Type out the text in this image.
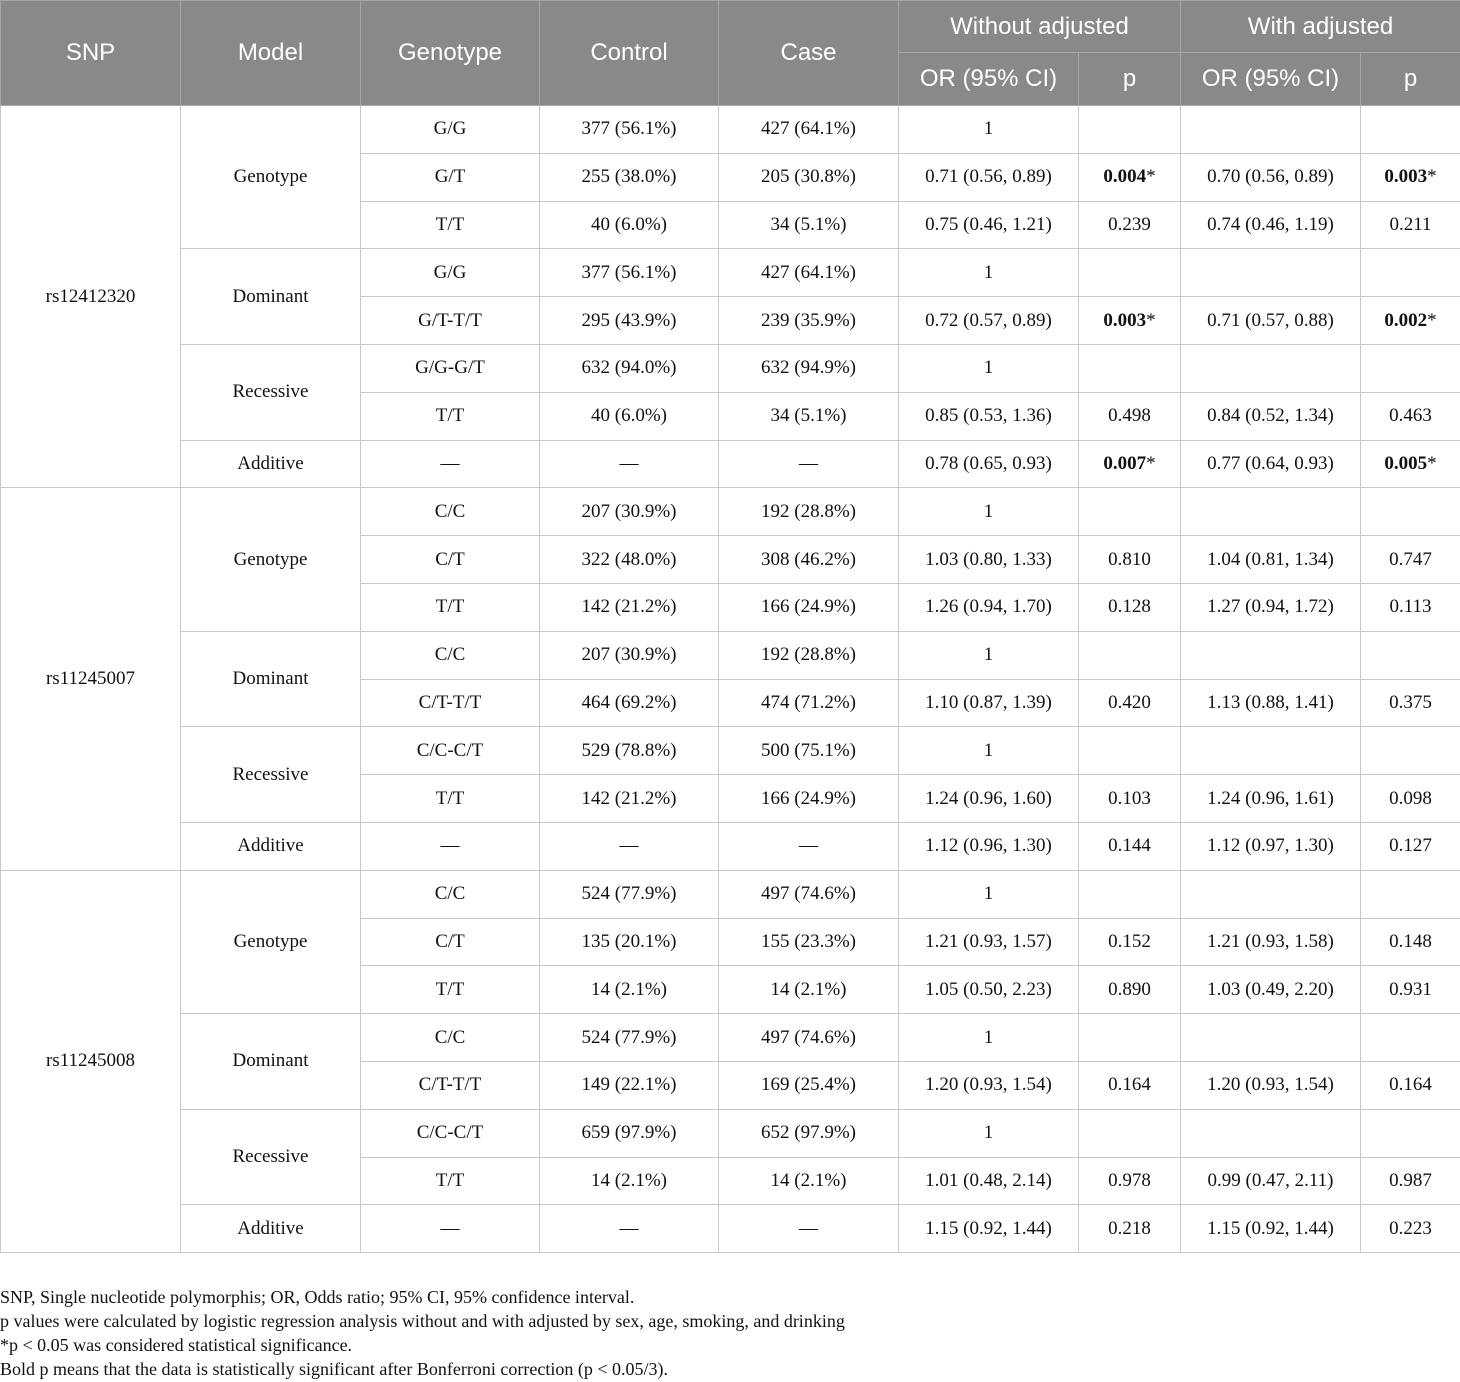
SNP	Model	Genotype	Control	Case	Without adjusted		With adjusted	
					OR (95% CI)	p	OR (95% CI)	p
rs12412320	Genotype	G/G	377 (56.1%)	427 (64.1%)	1			
		G/T	255 (38.0%)	205 (30.8%)	0.71 (0.56, 0.89)	0.004*	0.70 (0.56, 0.89)	0.003*
		T/T	40 (6.0%)	34 (5.1%)	0.75 (0.46, 1.21)	0.239	0.74 (0.46, 1.19)	0.211
	Dominant	G/G	377 (56.1%)	427 (64.1%)	1			
		G/T-T/T	295 (43.9%)	239 (35.9%)	0.72 (0.57, 0.89)	0.003*	0.71 (0.57, 0.88)	0.002*
	Recessive	G/G-G/T	632 (94.0%)	632 (94.9%)	1			
		T/T	40 (6.0%)	34 (5.1%)	0.85 (0.53, 1.36)	0.498	0.84 (0.52, 1.34)	0.463
	Additive	—	—	—	0.78 (0.65, 0.93)	0.007*	0.77 (0.64, 0.93)	0.005*
rs11245007	Genotype	C/C	207 (30.9%)	192 (28.8%)	1			
		C/T	322 (48.0%)	308 (46.2%)	1.03 (0.80, 1.33)	0.810	1.04 (0.81, 1.34)	0.747
		T/T	142 (21.2%)	166 (24.9%)	1.26 (0.94, 1.70)	0.128	1.27 (0.94, 1.72)	0.113
	Dominant	C/C	207 (30.9%)	192 (28.8%)	1			
		C/T-T/T	464 (69.2%)	474 (71.2%)	1.10 (0.87, 1.39)	0.420	1.13 (0.88, 1.41)	0.375
	Recessive	C/C-C/T	529 (78.8%)	500 (75.1%)	1			
		T/T	142 (21.2%)	166 (24.9%)	1.24 (0.96, 1.60)	0.103	1.24 (0.96, 1.61)	0.098
	Additive	—	—	—	1.12 (0.96, 1.30)	0.144	1.12 (0.97, 1.30)	0.127
rs11245008	Genotype	C/C	524 (77.9%)	497 (74.6%)	1			
		C/T	135 (20.1%)	155 (23.3%)	1.21 (0.93, 1.57)	0.152	1.21 (0.93, 1.58)	0.148
		T/T	14 (2.1%)	14 (2.1%)	1.05 (0.50, 2.23)	0.890	1.03 (0.49, 2.20)	0.931
	Dominant	C/C	524 (77.9%)	497 (74.6%)	1			
		C/T-T/T	149 (22.1%)	169 (25.4%)	1.20 (0.93, 1.54)	0.164	1.20 (0.93, 1.54)	0.164
	Recessive	C/C-C/T	659 (97.9%)	652 (97.9%)	1			
		T/T	14 (2.1%)	14 (2.1%)	1.01 (0.48, 2.14)	0.978	0.99 (0.47, 2.11)	0.987
	Additive	—	—	—	1.15 (0.92, 1.44)	0.218	1.15 (0.92, 1.44)	0.223
SNP, Single nucleotide polymorphis; OR, Odds ratio; 95% CI, 95% confidence interval.
p values were calculated by logistic regression analysis without and with adjusted by sex, age, smoking, and drinking
*p < 0.05 was considered statistical significance.
Bold p means that the data is statistically significant after Bonferroni correction (p < 0.05/3).
